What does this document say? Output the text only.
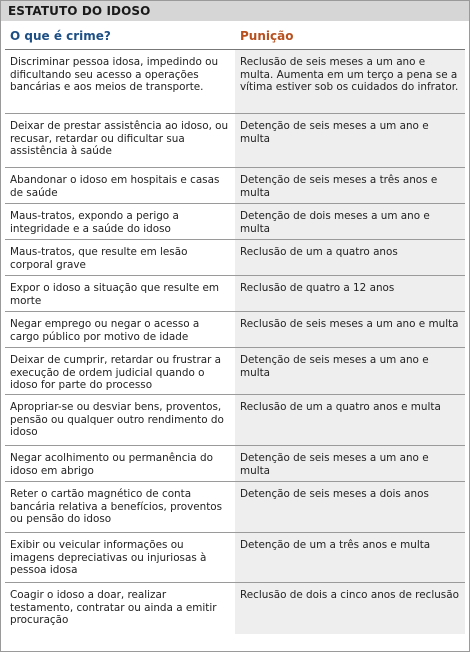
ESTATUTO DO IDOSO
O que é crime?	Punição
Discriminar pessoa idosa, impedindo ou dificultando seu acesso a operações bancárias e aos meios de transporte.	Reclusão de seis meses a um ano e multa. Aumenta em um terço a pena se a vítima estiver sob os cuidados do infrator.
Deixar de prestar assistência ao idoso, ou recusar, retardar ou dificultar sua assistência à saúde	Detenção de seis meses a um ano e multa
Abandonar o idoso em hospitais e casas de saúde	Detenção de seis meses a três anos e multa
Maus-tratos, expondo a perigo a integridade e a saúde do idoso	Detenção de dois meses a um ano e multa
Maus-tratos, que resulte em lesão corporal grave	Reclusão de um a quatro anos
Expor o idoso a situação que resulte em morte	Reclusão de quatro a 12 anos
Negar emprego ou negar o acesso a cargo público por motivo de idade	Reclusão de seis meses a um ano e multa
Deixar de cumprir, retardar ou frustrar a execução de ordem judicial quando o idoso for parte do processo	Detenção de seis meses a um ano e multa
Apropriar-se ou desviar bens, proventos, pensão ou qualquer outro rendimento do idoso	Reclusão de um a quatro anos e multa
Negar acolhimento ou permanência do idoso em abrigo	Detenção de seis meses a um ano e multa
Reter o cartão magnético de conta bancária relativa a benefícios, proventos ou pensão do idoso	Detenção de seis meses a dois anos
Exibir ou veicular informações ou imagens depreciativas ou injuriosas à pessoa idosa	Detenção de um a três anos e multa
Coagir o idoso a doar, realizar testamento, contratar ou ainda a emitir procuração	Reclusão de dois a cinco anos de reclusão
